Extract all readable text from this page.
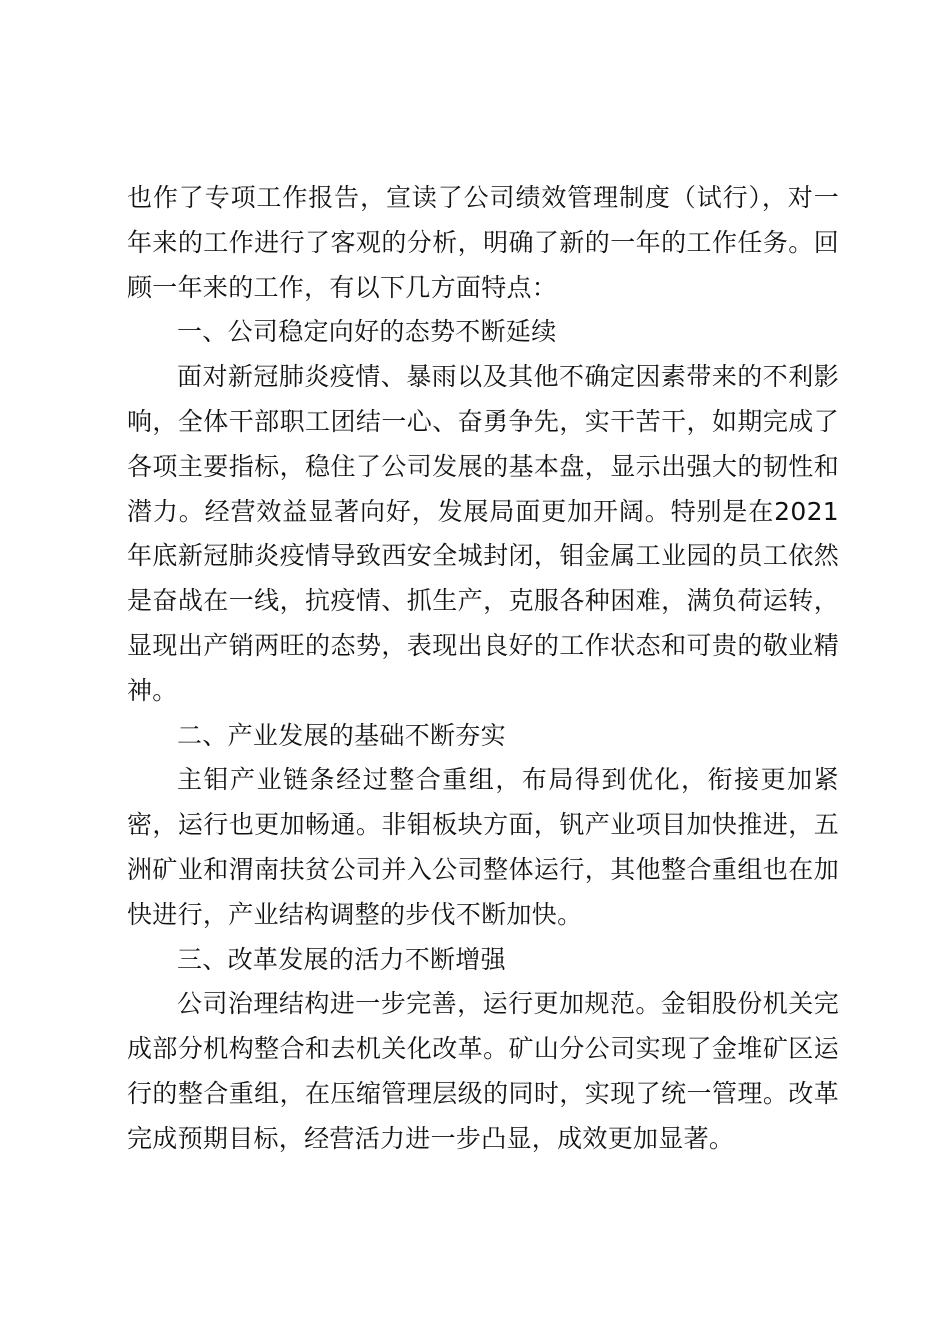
也作了专项工作报告，宣读了公司绩效管理制度（试行），对一年来的工作进行了客观的分析，明确了新的一年的工作任务。回顾一年来的工作，有以下几方面特点：

一、公司稳定向好的态势不断延续

面对新冠肺炎疫情、暴雨以及其他不确定因素带来的不利影响，全体干部职工团结一心、奋勇争先，实干苦干，如期完成了各项主要指标，稳住了公司发展的基本盘，显示出强大的韧性和潜力。经营效益显著向好，发展局面更加开阔。特别是在2021年底新冠肺炎疫情导致西安全城封闭，钼金属工业园的员工依然是奋战在一线，抗疫情、抓生产，克服各种困难，满负荷运转，显现出产销两旺的态势，表现出良好的工作状态和可贵的敬业精神。

二、产业发展的基础不断夯实

主钼产业链条经过整合重组，布局得到优化，衔接更加紧密，运行也更加畅通。非钼板块方面，钒产业项目加快推进，五洲矿业和渭南扶贫公司并入公司整体运行，其他整合重组也在加快进行，产业结构调整的步伐不断加快。

三、改革发展的活力不断增强

公司治理结构进一步完善，运行更加规范。金钼股份机关完成部分机构整合和去机关化改革。矿山分公司实现了金堆矿区运行的整合重组，在压缩管理层级的同时，实现了统一管理。改革完成预期目标，经营活力进一步凸显，成效更加显著。
